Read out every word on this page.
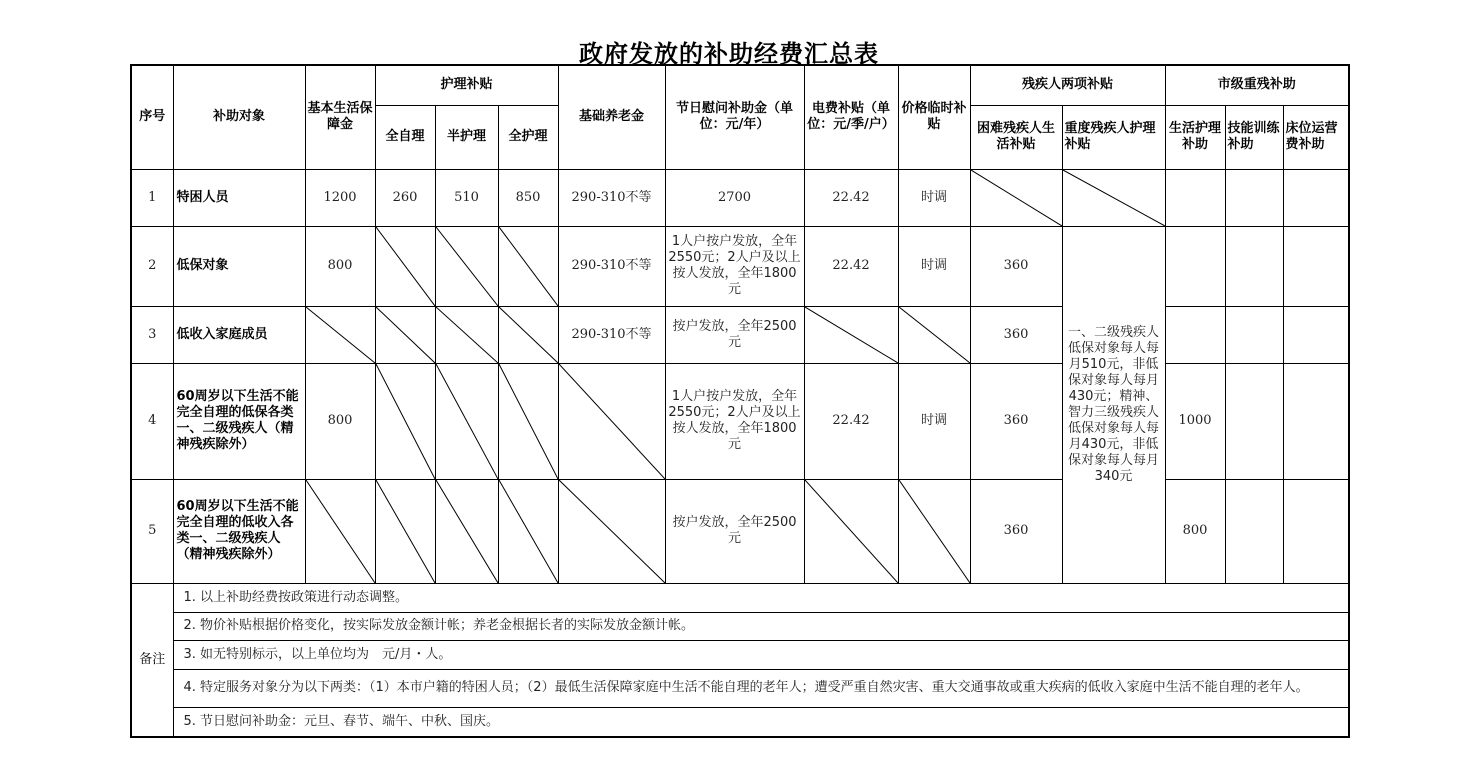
政府发放的补助经费汇总表
序号	补助对象	基本生活保障金	护理补贴			基础养老金	节日慰问补助金（单位：元/年）	电费补贴（单位：元/季/户）	价格临时补贴	残疾人两项补贴		市级重残补助		
			全自理	半护理	全护理					困难残疾人生活补贴	重度残疾人护理补贴	生活护理补助	技能训练补助	床位运营费补助
1	特困人员	1200	260	510	850	290-310不等	2700	22.42	时调	

2	低保对象	800				290-310不等	1人户按户发放，全年2550元；2人户及以上按人发放，全年1800元	22.42	时调	360	一、二级残疾人低保对象每人每月510元，非低保对象每人每月430元；精神、智力三级残疾人低保对象每人每月430元，非低保对象每人每月340元			
3	低收入家庭成员					290-310不等	按户发放，全年2500元			360				
4	60周岁以下生活不能完全自理的低保各类一、二级残疾人（精神残疾除外）	800					1人户按户发放，全年2550元；2人户及以上按人发放，全年1800元	22.42	时调	360		1000		
5	60周岁以下生活不能完全自理的低收入各类一、二级残疾人（精神残疾除外）						按户发放，全年2500元			360		800		
备注	1. 以上补助经费按政策进行动态调整。													
	2. 物价补贴根据价格变化，按实际发放金额计帐；养老金根据长者的实际发放金额计帐。													
	3. 如无特别标示，以上单位均为　元/月・人。													
	4. 特定服务对象分为以下两类：（1）本市户籍的特困人员；（2）最低生活保障家庭中生活不能自理的老年人；遭受严重自然灾害、重大交通事故或重大疾病的低收入家庭中生活不能自理的老年人。													
	5. 节日慰问补助金：元旦、春节、端午、中秋、国庆。													
